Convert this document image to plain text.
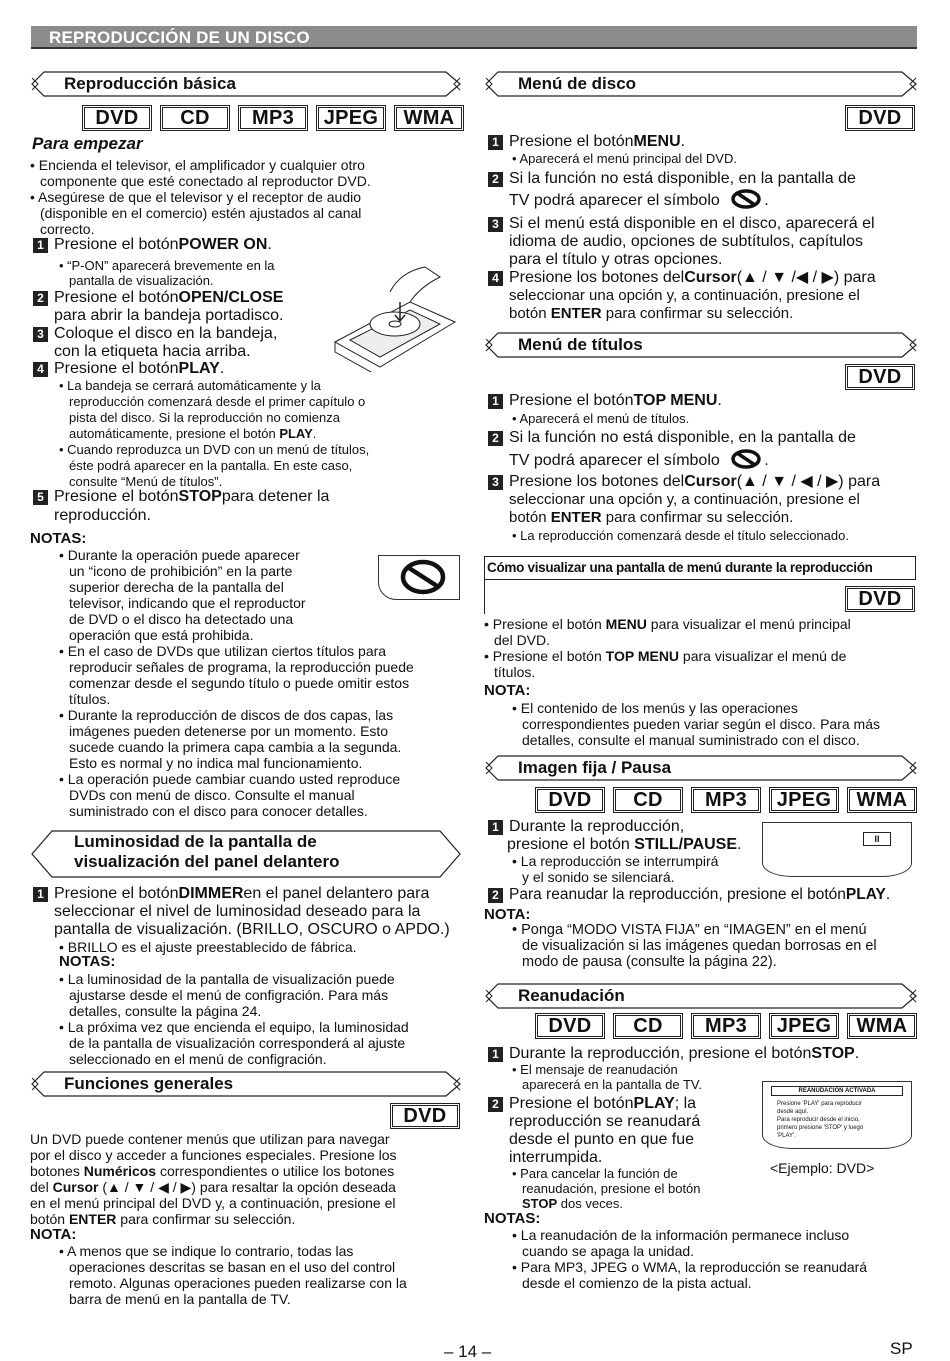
REPRODUCCIÓN DE UN DISCO
Reproducción básica
DVD	CD	MP3	JPEG	WMA
Para empezar
• Encienda el televisor, el amplificador y cualquier otro
componente que esté conectado al reproductor DVD.
• Asegúrese de que el televisor y el receptor de audio
(disponible en el comercio) estén ajustados al canal
correcto.
1 Presione el botón POWER ON .
• “P-ON” aparecerá brevemente en la
pantalla de visualización.
2 Presione el botón OPEN/CLOSE
para abrir la bandeja portadisco.
3 Coloque el disco en la bandeja,
con la etiqueta hacia arriba.
4 Presione el botón PLAY .
• La bandeja se cerrará automáticamente y la
reproducción comenzará desde el primer capítulo o
pista del disco. Si la reproducción no comienza
automáticamente, presione el botón PLAY.
• Cuando reproduzca un DVD con un menú de títulos,
éste podrá aparecer en la pantalla. En este caso,
consulte “Menú de títulos”.
5 Presione el botón STOP para detener la
reproducción.
NOTAS:
• Durante la operación puede aparecer
un “icono de prohibición” en la parte
superior derecha de la pantalla del
televisor, indicando que el reproductor
de DVD o el disco ha detectado una
operación que está prohibida.
• En el caso de DVDs que utilizan ciertos títulos para
reproducir señales de programa, la reproducción puede
comenzar desde el segundo título o puede omitir estos
títulos.
• Durante la reproducción de discos de dos capas, las
imágenes pueden detenerse por un momento. Esto
sucede cuando la primera capa cambia a la segunda.
Esto es normal y no indica mal funcionamiento.
• La operación puede cambiar cuando usted reproduce
DVDs con menú de disco. Consulte el manual
suministrado con el disco para conocer detalles.
Luminosidad de la pantalla de
visualización del panel delantero
1 Presione el botón DIMMER en el panel delantero para
seleccionar el nivel de luminosidad deseado para la
pantalla de visualización. (BRILLO, OSCURO o APDO.)
• BRILLO es el ajuste preestablecido de fábrica.
NOTAS:
• La luminosidad de la pantalla de visualización puede
ajustarse desde el menú de configración. Para más
detalles, consulte la página 24.
• La próxima vez que encienda el equipo, la luminosidad
de la pantalla de visualización corresponderá al ajuste
seleccionado en el menú de configración.
Funciones generales
DVD
Un DVD puede contener menús que utilizan para navegar
por el disco y acceder a funciones especiales. Presione los
botones Numéricos correspondientes o utilice los botones
del Cursor (▲ / ▼ / ◀ / ▶) para resaltar la opción deseada
en el menú principal del DVD y, a continuación, presione el
botón ENTER para confirmar su selección.
NOTA:
• A menos que se indique lo contrario, todas las
operaciones descritas se basan en el uso del control
remoto. Algunas operaciones pueden realizarse con la
barra de menú en la pantalla de TV.
Menú de disco
DVD
1 Presione el botón MENU .
• Aparecerá el menú principal del DVD.
2 Si la función no está disponible, en la pantalla de
TV podrá aparecer el símbolo	.
3 Si el menú está disponible en el disco, aparecerá el
idioma de audio, opciones de subtítulos, capítulos
para el título y otras opciones.
4 Presione los botones del Cursor (▲ / ▼ /◀ / ▶) para
seleccionar una opción y, a continuación, presione el
botón ENTER para confirmar su selección.
Menú de títulos
DVD
1 Presione el botón TOP MENU .
• Aparecerá el menú de títulos.
2 Si la función no está disponible, en la pantalla de
TV podrá aparecer el símbolo	.
3 Presione los botones del Cursor (▲ / ▼ / ◀ / ▶) para
seleccionar una opción y, a continuación, presione el
botón ENTER para confirmar su selección.
• La reproducción comenzará desde el título seleccionado.
Cómo visualizar una pantalla de menú durante la reproducción
DVD
• Presione el botón MENU para visualizar el menú principal
del DVD.
• Presione el botón TOP MENU para visualizar el menú de
títulos.
NOTA:
• El contenido de los menús y las operaciones
correspondientes pueden variar según el disco. Para más
detalles, consulte el manual suministrado con el disco.
Imagen fija / Pausa
DVD	CD	MP3	JPEG	WMA
1 Durante la reproducción,
presione el botón STILL/PAUSE.
• La reproducción se interrumpirá
y el sonido se silenciará.
II
2 Para reanudar la reproducción, presione el botón PLAY .
NOTA:
• Ponga “MODO VISTA FIJA” en “IMAGEN” en el menú
de visualización si las imágenes quedan borrosas en el
modo de pausa (consulte la página 22).
Reanudación
DVD	CD	MP3	JPEG	WMA
1 Durante la reproducción, presione el botón STOP .
• El mensaje de reanudación
aparecerá en la pantalla de TV.
2 Presione el botón PLAY ; la
reproducción se reanudará
desde el punto en que fue
interrumpida.
• Para cancelar la función de
reanudación, presione el botón
STOP dos veces.
REANUDACIÓN ACTIVADA
Presione 'PLAY' para reproducir
desde aquí.
Para reproducir desde el inicio,
primero presione 'STOP' y luego
'PLAY'.
<Ejemplo: DVD>
NOTAS:
• La reanudación de la información permanece incluso
cuando se apaga la unidad.
• Para MP3, JPEG o WMA, la reproducción se reanudará
desde el comienzo de la pista actual.
– 14 –	SP
